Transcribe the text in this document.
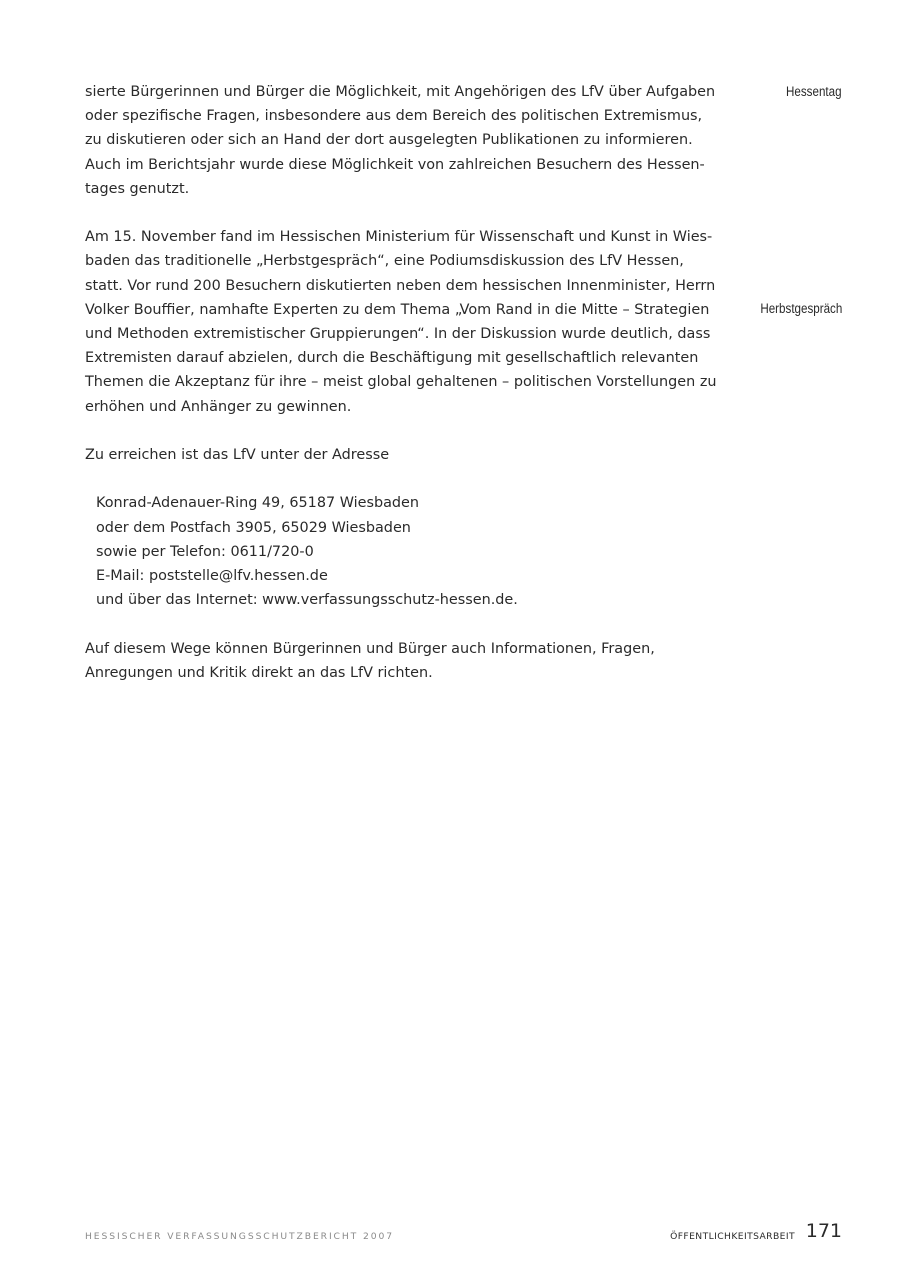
sierte Bürgerinnen und Bürger die Möglichkeit, mit Angehörigen des LfV über Aufgaben
oder spezifische Fragen, insbesondere aus dem Bereich des politischen Extremismus,
zu diskutieren oder sich an Hand der dort ausgelegten Publikationen zu informieren.
Auch im Berichtsjahr wurde diese Möglichkeit von zahlreichen Besuchern des Hessen-
tages genutzt.

Am 15. November fand im Hessischen Ministerium für Wissenschaft und Kunst in Wies-
baden das traditionelle „Herbstgespräch“, eine Podiumsdiskussion des LfV Hessen,
statt. Vor rund 200 Besuchern diskutierten neben dem hessischen Innenminister, Herrn
Volker Bouffier, namhafte Experten zu dem Thema „Vom Rand in die Mitte – Strategien
und Methoden extremistischer Gruppierungen“. In der Diskussion wurde deutlich, dass
Extremisten darauf abzielen, durch die Beschäftigung mit gesellschaftlich relevanten
Themen die Akzeptanz für ihre – meist global gehaltenen – politischen Vorstellungen zu
erhöhen und Anhänger zu gewinnen.

Zu erreichen ist das LfV unter der Adresse

Konrad-Adenauer-Ring 49, 65187 Wiesbaden
oder dem Postfach 3905, 65029 Wiesbaden
sowie per Telefon: 0611/720-0
E-Mail: poststelle@lfv.hessen.de
und über das Internet: www.verfassungsschutz-hessen.de.

Auf diesem Wege können Bürgerinnen und Bürger auch Informationen, Fragen,
Anregungen und Kritik direkt an das LfV richten.

Hessentag
Herbstgespräch
HESSISCHER VERFASSUNGSSCHUTZBERICHT 2007	ÖFFENTLICHKEITSARBEIT 171
